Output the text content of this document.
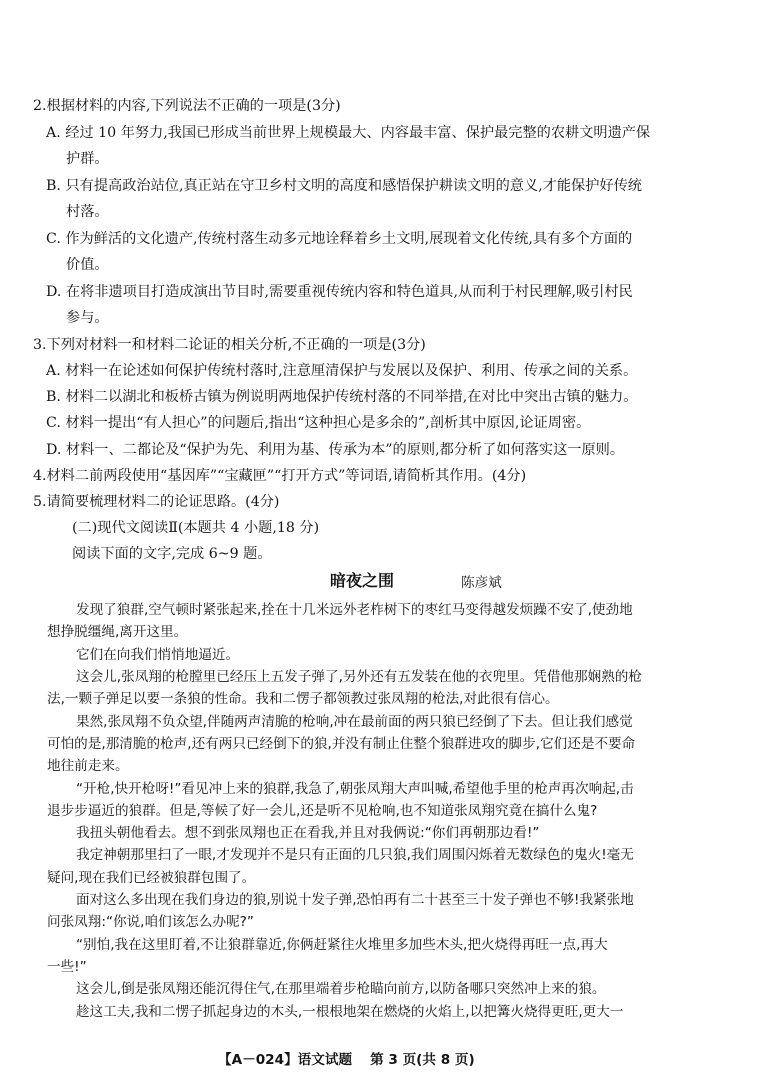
2.根据材料的内容,下列说法不正确的一项是(3分)
A. 经过 10 年努力,我国已形成当前世界上规模最大、内容最丰富、保护最完整的农耕文明遗产保
护群。
B. 只有提高政治站位,真正站在守卫乡村文明的高度和感悟保护耕读文明的意义,才能保护好传统
村落。
C. 作为鲜活的文化遗产,传统村落生动多元地诠释着乡土文明,展现着文化传统,具有多个方面的
价值。
D. 在将非遗项目打造成演出节目时,需要重视传统内容和特色道具,从而利于村民理解,吸引村民
参与。
3.下列对材料一和材料二论证的相关分析,不正确的一项是(3分)
A. 材料一在论述如何保护传统村落时,注意厘清保护与发展以及保护、利用、传承之间的关系。
B. 材料二以湖北和板桥古镇为例说明两地保护传统村落的不同举措,在对比中突出古镇的魅力。
C. 材料一提出“有人担心”的问题后,指出“这种担心是多余的”,剖析其中原因,论证周密。
D. 材料一、二都论及“保护为先、利用为基、传承为本”的原则,都分析了如何落实这一原则。
4.材料二前两段使用“基因库”“宝藏匣”“打开方式”等词语,请简析其作用。(4分)
5.请简要梳理材料二的论证思路。(4分)
(二)现代文阅读Ⅱ(本题共 4 小题,18 分)
阅读下面的文字,完成 6~9 题。
暗夜之围	陈彦斌
发现了狼群,空气顿时紧张起来,拴在十几米远外老柞树下的枣红马变得越发烦躁不安了,使劲地
想挣脱缰绳,离开这里。
它们在向我们悄悄地逼近。
这会儿,张凤翔的枪膛里已经压上五发子弹了,另外还有五发装在他的衣兜里。凭借他那娴熟的枪
法,一颗子弹足以要一条狼的性命。我和二愣子都领教过张凤翔的枪法,对此很有信心。
果然,张凤翔不负众望,伴随两声清脆的枪响,冲在最前面的两只狼已经倒了下去。但让我们感觉
可怕的是,那清脆的枪声,还有两只已经倒下的狼,并没有制止住整个狼群进攻的脚步,它们还是不要命
地往前走来。
“开枪,快开枪呀!”看见冲上来的狼群,我急了,朝张凤翔大声叫喊,希望他手里的枪声再次响起,击
退步步逼近的狼群。但是,等候了好一会儿,还是听不见枪响,也不知道张凤翔究竟在搞什么鬼?
我扭头朝他看去。想不到张凤翔也正在看我,并且对我俩说:“你们再朝那边看!”
我定神朝那里扫了一眼,才发现并不是只有正面的几只狼,我们周围闪烁着无数绿色的鬼火!毫无
疑问,现在我们已经被狼群包围了。
面对这么多出现在我们身边的狼,别说十发子弹,恐怕再有二十甚至三十发子弹也不够!我紧张地
问张凤翔:“你说,咱们该怎么办呢?”
“别怕,我在这里盯着,不让狼群靠近,你俩赶紧往火堆里多加些木头,把火烧得再旺一点,再大
一些!”
这会儿,倒是张凤翔还能沉得住气,在那里端着步枪瞄向前方,以防备哪只突然冲上来的狼。
【A－024】语文试题 第 3 页(共 8 页)
趁这工夫,我和二愣子抓起身边的木头,一根根地架在燃烧的火焰上,以把篝火烧得更旺,更大一
